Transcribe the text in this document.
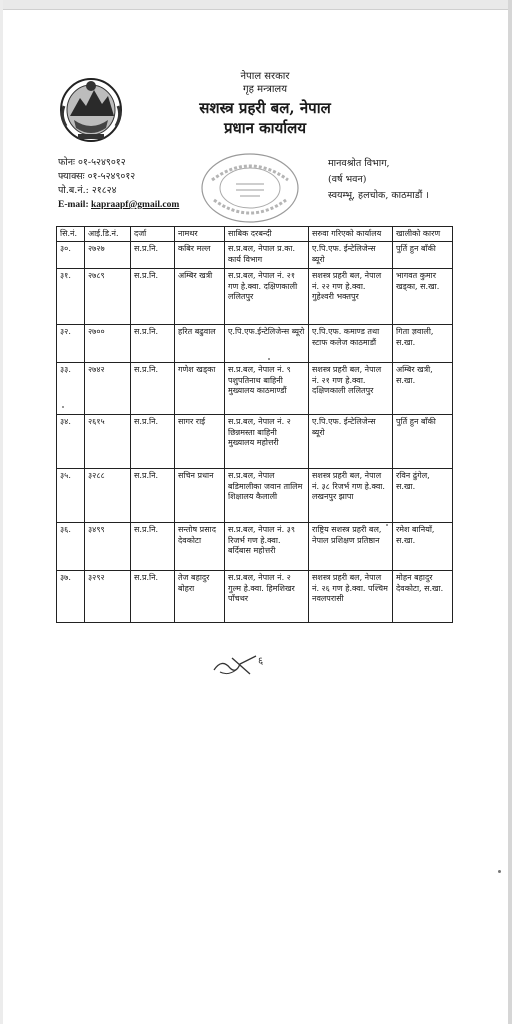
नेपाल सरकार
गृह मन्त्रालय
सशस्त्र प्रहरी बल, नेपाल
प्रधान कार्यालय
फोनः ०१-५२४९०१२
फ्याक्सः ०१-५२४९०१२
पो.ब.नं.: २१८२४
E-mail: kapraapf@gmail.com
मानवश्रोत विभाग,
(वर्ष भवन)
स्वयम्भू, हलचोक, काठमाडौं ।
सि.नं.	आई.डि.नं.	दर्जा	नामथर	साबिक दरबन्दी	सरुवा गरिएको कार्यालय	खालीको कारण
३०.	२७२७	स.प्र.नि.	कबिर मल्ल	स.प्र.बल, नेपाल प्र.का. कार्य विभाग	ए.पि.एफ. ईन्टेलिजेन्स ब्यूरो	पुर्ति हुन बाँकी
३१.	२७८९	स.प्र.नि.	अम्बिर खत्री	स.प्र.बल, नेपाल नं. २१ गण हे.क्वा. दक्षिणकाली ललितपुर	सशस्त्र प्रहरी बल, नेपाल नं. २२ गण हे.क्वा. गुहेश्वरी भक्तपुर	भागवत कुमार खड्का, स.खा.
३२.	२७००	स.प्र.नि.	हरित बढुवाल	ए.पि.एफ.ईन्टेलिजेन्स ब्यूरो	ए.पि.एफ. कमाण्ड तथा स्टाफ कलेज काठमाडौं	गिता ज्ञवाली, स.खा.
३३.	२७४२	स.प्र.नि.	गणेश खड्का	स.प्र.बल, नेपाल नं. ९ पशुपतिनाथ बाहिनी मुख्यालय काठमाण्डौं	सशस्त्र प्रहरी बल, नेपाल नं. २१ गण हे.क्वा. दक्षिणकाली ललितपुर	अम्बिर खत्री, स.खा.
३४.	२६१५	स.प्र.नि.	सागर राई	स.प्र.बल, नेपाल नं. २ छिन्नमस्ता बाहिनी मुख्यालय महोत्तरी	ए.पि.एफ. ईन्टेलिजेन्स ब्यूरो	पुर्ति हुन बाँकी
३५.	३२८८	स.प्र.नि.	सचिन प्रधान	स.प्र.बल, नेपाल बडिमालीका जवान तालिम शिक्षालय कैलाली	सशस्त्र प्रहरी बल, नेपाल नं. ३८ रिजर्भ गण हे.क्वा. लखनपुर झापा	रविन ढुंगेल, स.खा.
३६.	३४९९	स.प्र.नि.	सन्तोष प्रसाद देवकोटा	स.प्र.बल, नेपाल नं. ३९ रिजर्भ गण हे.क्वा. बर्दिबास महोत्तरी	राष्ट्रिय सशस्त्र प्रहरी बल, नेपाल प्रशिक्षण प्रतिष्ठान	रमेश बानियाँ, स.खा.
३७.	३२९२	स.प्र.नि.	तेज बहादुर बोहरा	स.प्र.बल, नेपाल नं. २ गुल्म हे.क्वा. हिमशिखर पाँचथर	सशस्त्र प्रहरी बल, नेपाल नं. २६ गण हे.क्वा. पश्चिम नवलपरासी	मोहन बहादुर देवकोटा, स.खा.
६
